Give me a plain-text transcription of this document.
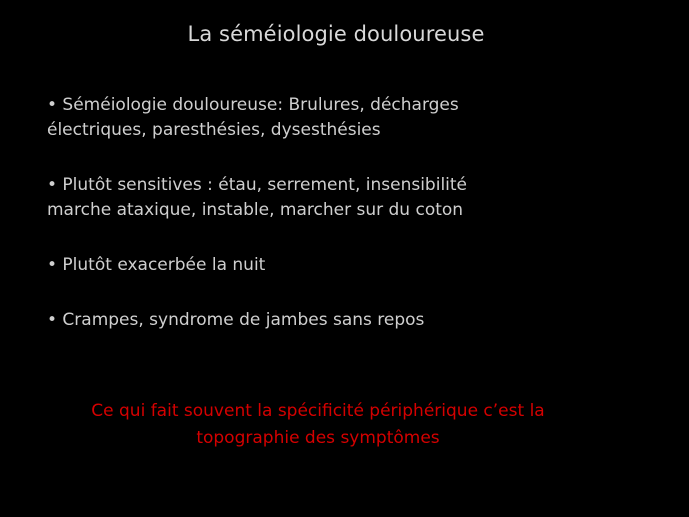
La séméiologie douloureuse
• Séméiologie douloureuse: Brulures, décharges
électriques, paresthésies, dysesthésies
• Plutôt sensitives : étau, serrement, insensibilité
marche ataxique, instable, marcher sur du coton
• Plutôt exacerbée la nuit
• Crampes, syndrome de jambes sans repos
Ce qui fait souvent la spécificité périphérique c’est la
topographie des symptômes
